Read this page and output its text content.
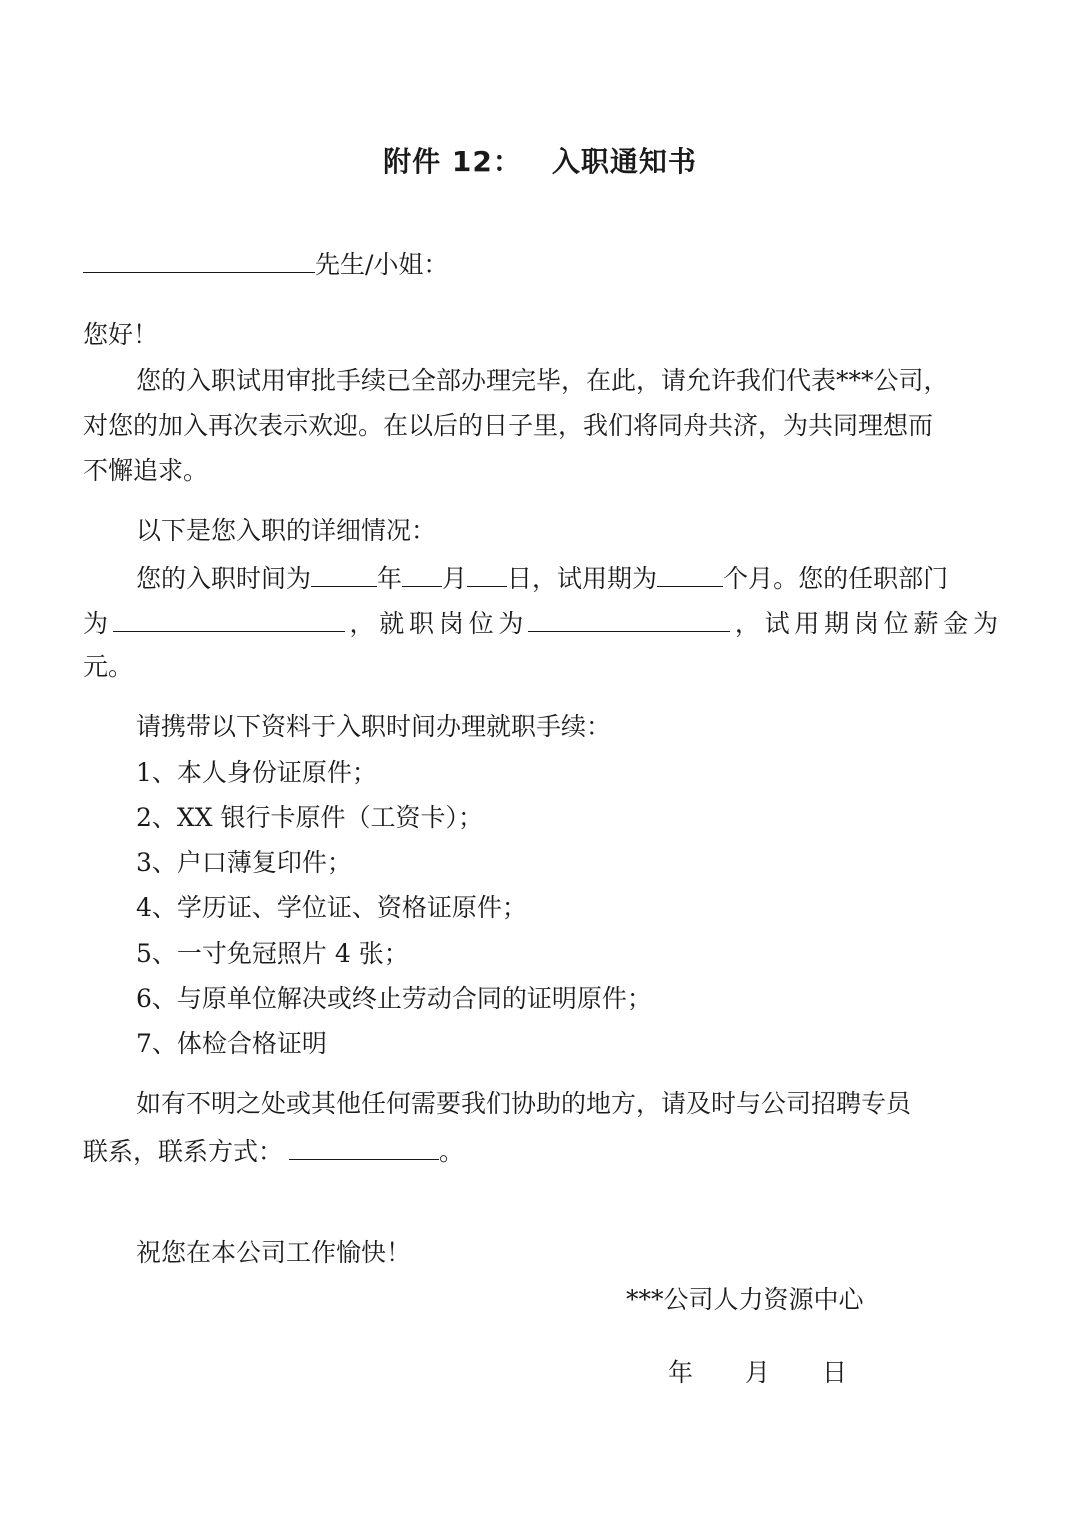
附件 12： 入职通知书
先生/小姐：
您好！
您的入职试用审批手续已全部办理完毕，在此，请允许我们代表***公司，
对您的加入再次表示欢迎。在以后的日子里，我们将同舟共济，为共同理想而
不懈追求。
以下是您入职的详细情况：
您的入职时间为	年 月 日，试用期为	个月。您的任职部门
为	，就职岗位为	，试用期岗位薪金为
元。
请携带以下资料于入职时间办理就职手续：
1、本人身份证原件；
2、XX 银行卡原件（工资卡）；
3、户口薄复印件；
4、学历证、学位证、资格证原件；
5、一寸免冠照片 4 张；
6、与原单位解决或终止劳动合同的证明原件；
7、体检合格证明
如有不明之处或其他任何需要我们协助的地方，请及时与公司招聘专员
联系，联系方式：	。
祝您在本公司工作愉快！
***公司人力资源中心
年 月 日
